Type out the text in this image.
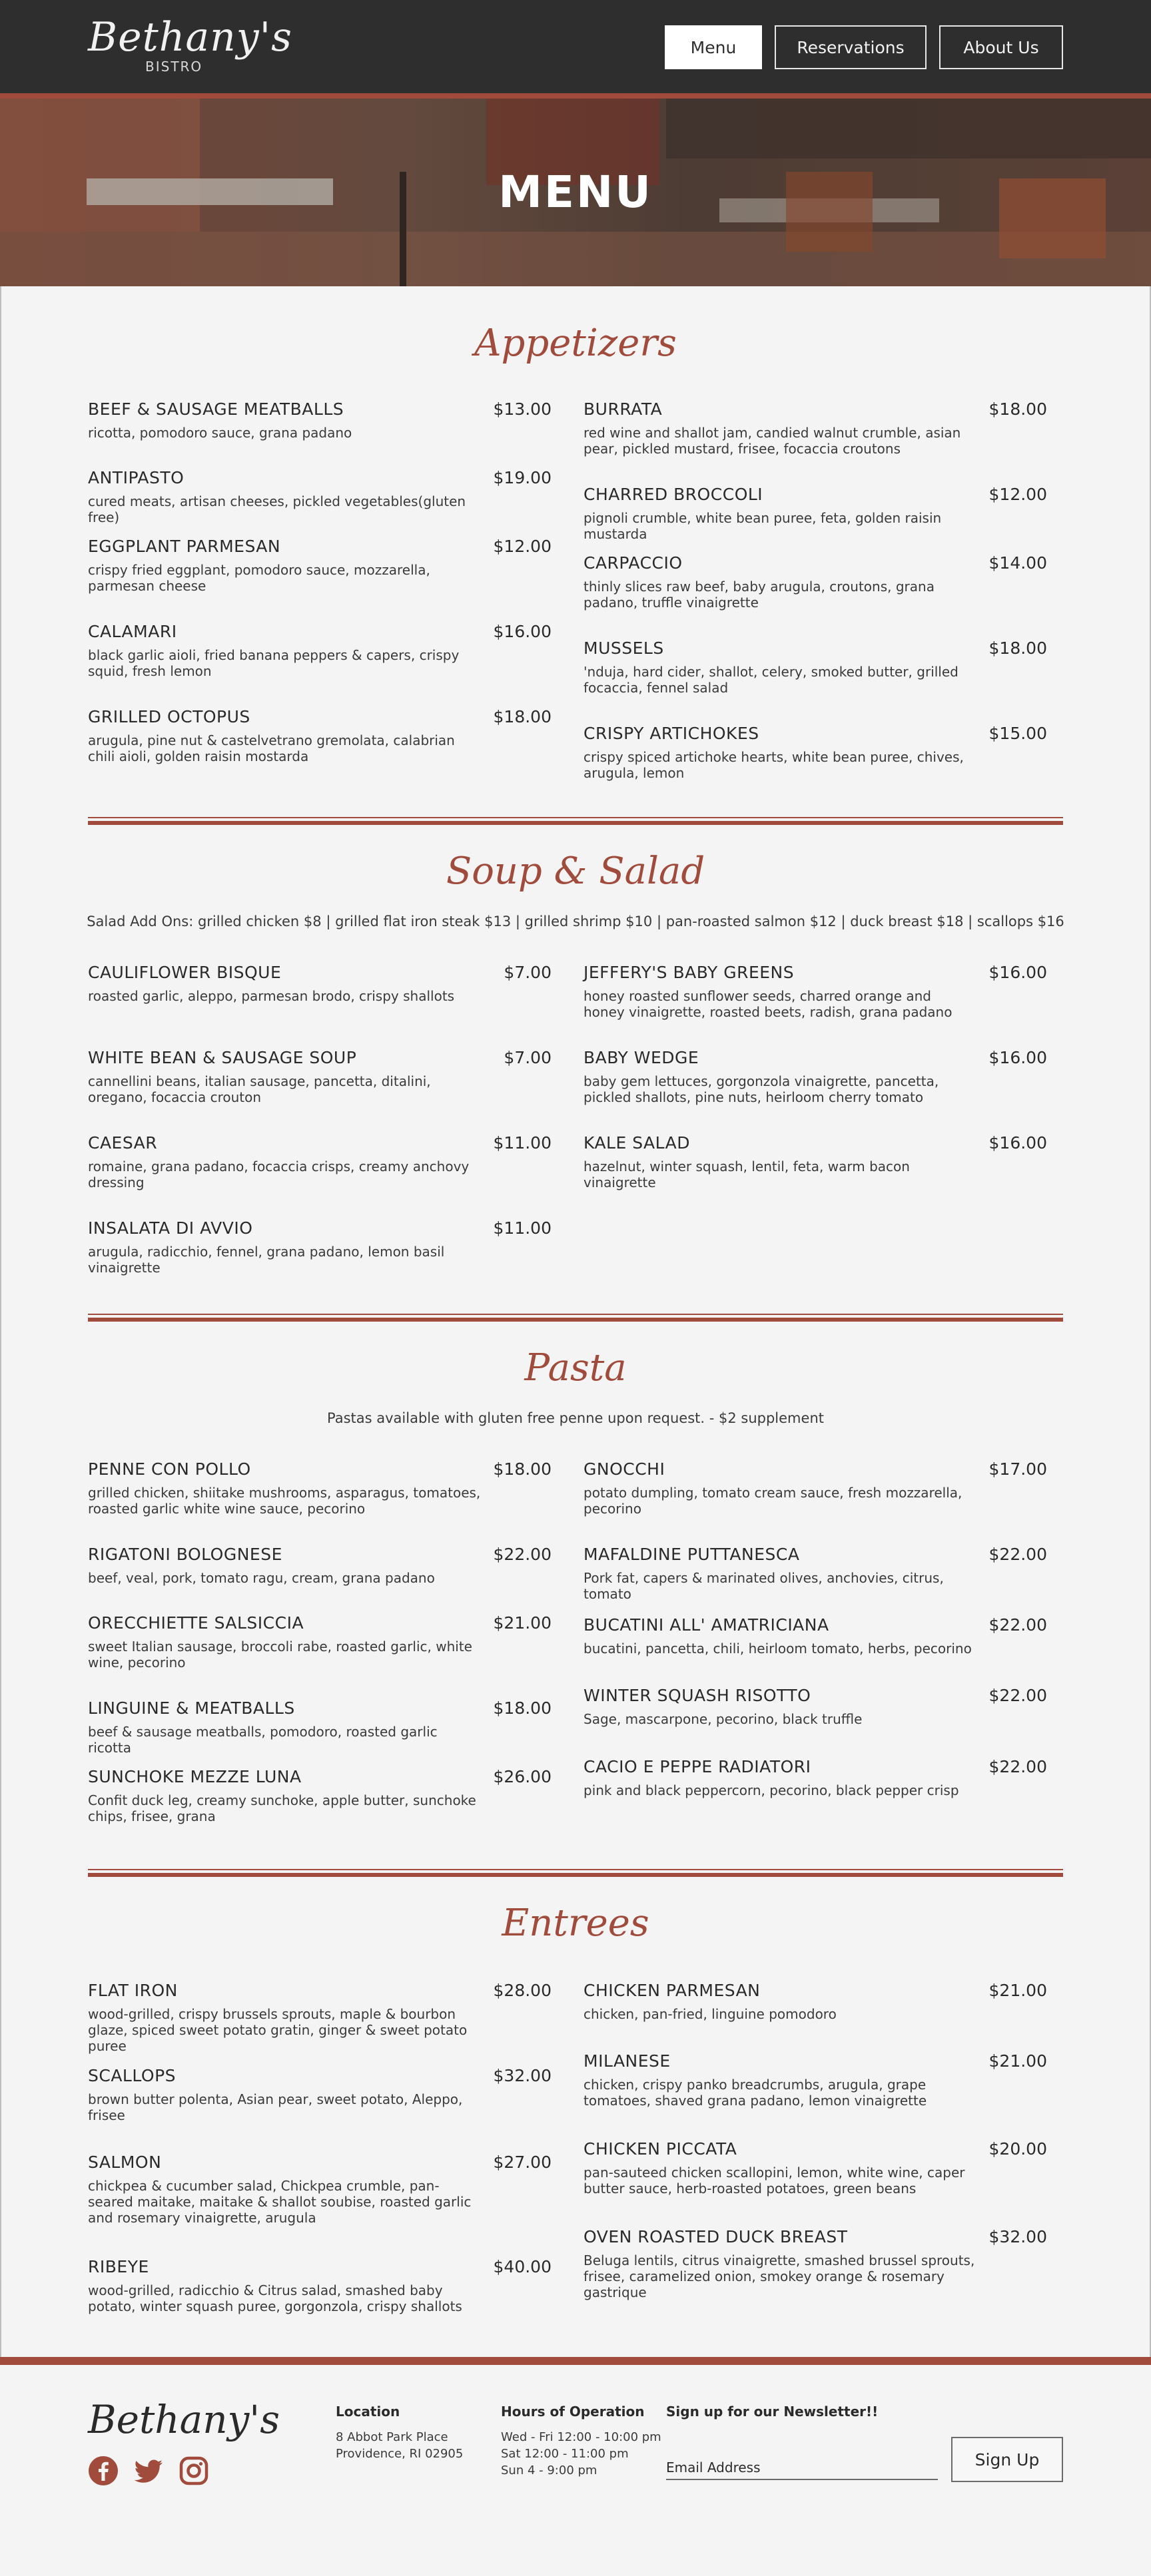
Bethany's
BISTRO
Menu	Reservations	About Us
MENU
Appetizers
BEEF & SAUSAGE MEATBALLS	$13.00
ricotta, pomodoro sauce, grana padano
ANTIPASTO	$19.00
cured meats, artisan cheeses, pickled vegetables(gluten free)
EGGPLANT PARMESAN	$12.00
crispy fried eggplant, pomodoro sauce, mozzarella, parmesan cheese
CALAMARI	$16.00
black garlic aioli, fried banana peppers & capers, crispy squid, fresh lemon
GRILLED OCTOPUS	$18.00
arugula, pine nut & castelvetrano gremolata, calabrian chili aioli, golden raisin mostarda
BURRATA	$18.00
red wine and shallot jam, candied walnut crumble, asian pear, pickled mustard, frisee, focaccia croutons
CHARRED BROCCOLI	$12.00
pignoli crumble, white bean puree, feta, golden raisin mustarda
CARPACCIO	$14.00
thinly slices raw beef, baby arugula, croutons, grana padano, truffle vinaigrette
MUSSELS	$18.00
'nduja, hard cider, shallot, celery, smoked butter, grilled focaccia, fennel salad
CRISPY ARTICHOKES	$15.00
crispy spiced artichoke hearts, white bean puree, chives, arugula, lemon
Soup & Salad
Salad Add Ons: grilled chicken $8 | grilled flat iron steak $13 | grilled shrimp $10 | pan-roasted salmon $12 | duck breast $18 | scallops $16
CAULIFLOWER BISQUE	$7.00
roasted garlic, aleppo, parmesan brodo, crispy shallots
WHITE BEAN & SAUSAGE SOUP	$7.00
cannellini beans, italian sausage, pancetta, ditalini, oregano, focaccia crouton
CAESAR	$11.00
romaine, grana padano, focaccia crisps, creamy anchovy dressing
INSALATA DI AVVIO	$11.00
arugula, radicchio, fennel, grana padano, lemon basil vinaigrette
JEFFERY'S BABY GREENS	$16.00
honey roasted sunflower seeds, charred orange and honey vinaigrette, roasted beets, radish, grana padano
BABY WEDGE	$16.00
baby gem lettuces, gorgonzola vinaigrette, pancetta, pickled shallots, pine nuts, heirloom cherry tomato
KALE SALAD	$16.00
hazelnut, winter squash, lentil, feta, warm bacon vinaigrette
Pasta
Pastas available with gluten free penne upon request. - $2 supplement
PENNE CON POLLO	$18.00
grilled chicken, shiitake mushrooms, asparagus, tomatoes, roasted garlic white wine sauce, pecorino
RIGATONI BOLOGNESE	$22.00
beef, veal, pork, tomato ragu, cream, grana padano
ORECCHIETTE SALSICCIA	$21.00
sweet Italian sausage, broccoli rabe, roasted garlic, white wine, pecorino
LINGUINE & MEATBALLS	$18.00
beef & sausage meatballs, pomodoro, roasted garlic ricotta
SUNCHOKE MEZZE LUNA	$26.00
Confit duck leg, creamy sunchoke, apple butter, sunchoke chips, frisee, grana
GNOCCHI	$17.00
potato dumpling, tomato cream sauce, fresh mozzarella, pecorino
MAFALDINE PUTTANESCA	$22.00
Pork fat, capers & marinated olives, anchovies, citrus, tomato
BUCATINI ALL' AMATRICIANA	$22.00
bucatini, pancetta, chili, heirloom tomato, herbs, pecorino
WINTER SQUASH RISOTTO	$22.00
Sage, mascarpone, pecorino, black truffle
CACIO E PEPPE RADIATORI	$22.00
pink and black peppercorn, pecorino, black pepper crisp
Entrees
FLAT IRON	$28.00
wood-grilled, crispy brussels sprouts, maple & bourbon glaze, spiced sweet potato gratin, ginger & sweet potato puree
SCALLOPS	$32.00
brown butter polenta, Asian pear, sweet potato, Aleppo, frisee
SALMON	$27.00
chickpea & cucumber salad, Chickpea crumble, pan-seared maitake, maitake & shallot soubise, roasted garlic and rosemary vinaigrette, arugula
RIBEYE	$40.00
wood-grilled, radicchio & Citrus salad, smashed baby potato, winter squash puree, gorgonzola, crispy shallots
CHICKEN PARMESAN	$21.00
chicken, pan-fried, linguine pomodoro
MILANESE	$21.00
chicken, crispy panko breadcrumbs, arugula, grape tomatoes, shaved grana padano, lemon vinaigrette
CHICKEN PICCATA	$20.00
pan-sauteed chicken scallopini, lemon, white wine, caper butter sauce, herb-roasted potatoes, green beans
OVEN ROASTED DUCK BREAST	$32.00
Beluga lentils, citrus vinaigrette, smashed brussel sprouts, frisee, caramelized onion, smokey orange & rosemary gastrique
Bethany's	Location
8 Abbot Park Place
Providence, RI 02905
Hours of Operation
Wed - Fri 12:00 - 10:00 pm
Sat 12:00 - 11:00 pm
Sun 4 - 9:00 pm
Sign up for our Newsletter!!
Email Address	Sign Up
